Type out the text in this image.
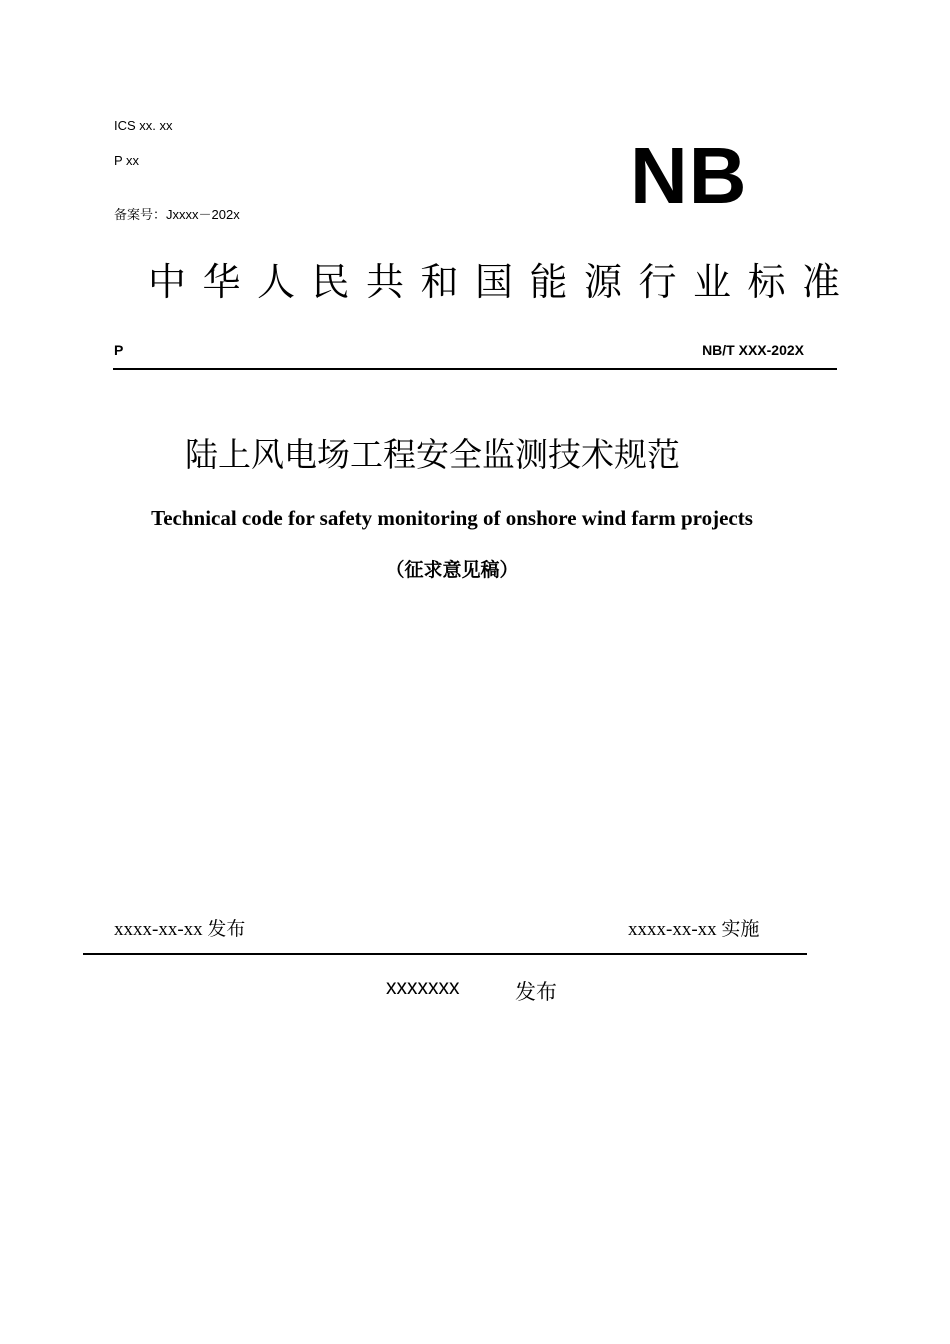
ICS xx. xx
P xx
备案号：Jxxxx－202x	NB
中华人民共和国能源行业标准
P	NB/T XXX-202X
陆上风电场工程安全监测技术规范
Technical code for safety monitoring of onshore wind farm projects
（征求意见稿）
xxxx-xx-xx 发布	xxxx-xx-xx 实施
xxxxxxx	发布
